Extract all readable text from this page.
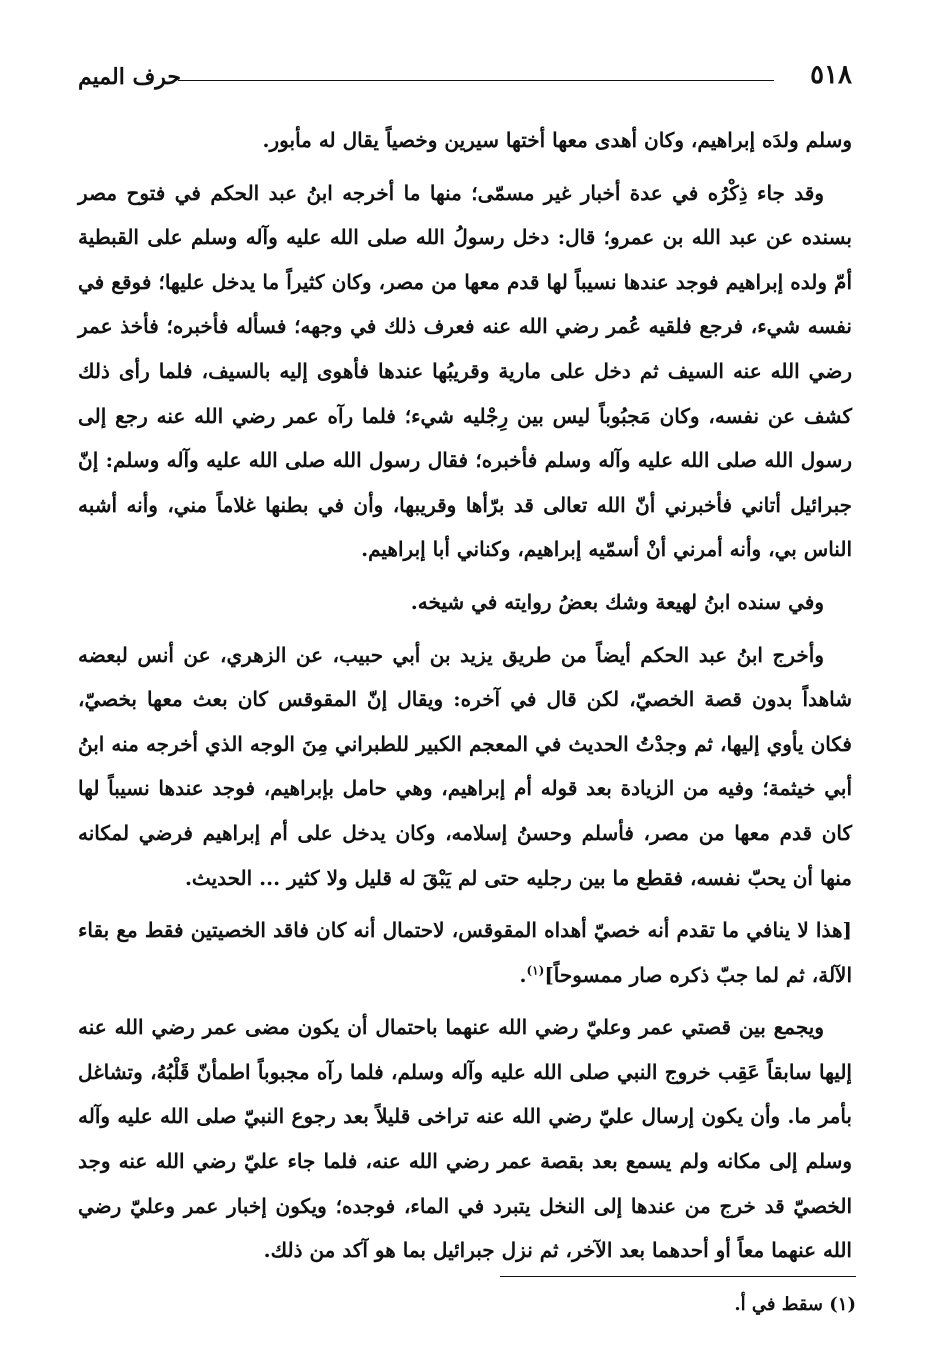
٥١٨
حرف الميم

وسلم ولدَه إبراهيم، وكان أهدى معها أختها سيرين وخصياً يقال له مأبور.

وقد جاء ذِكْرُه في عدة أخبار غير مسمّى؛ منها ما أخرجه ابنُ عبد الحكم في فتوح مصر بسنده عن عبد الله بن عمرو؛ قال: دخل رسولُ الله صلى الله عليه وآله وسلم على القبطية أمّ ولده إبراهيم فوجد عندها نسيباً لها قدم معها من مصر، وكان كثيراً ما يدخل عليها؛ فوقع في نفسه شيء، فرجع فلقيه عُمر رضي الله عنه فعرف ذلك في وجهه؛ فسأله فأخبره؛ فأخذ عمر رضي الله عنه السيف ثم دخل على مارية وقريبُها عندها فأهوى إليه بالسيف، فلما رأى ذلك كشف عن نفسه، وكان مَجبُوباً ليس بين رِجْليه شيء؛ فلما رآه عمر رضي الله عنه رجع إلى رسول الله صلى الله عليه وآله وسلم فأخبره؛ فقال رسول الله صلى الله عليه وآله وسلم: إنّ جبرائيل أتاني فأخبرني أنّ الله تعالى قد برّأها وقريبها، وأن في بطنها غلاماً مني، وأنه أشبه الناس بي، وأنه أمرني أنْ أسمّيه إبراهيم، وكناني أبا إبراهيم.

وفي سنده ابنُ لهيعة وشك بعضُ روايته في شيخه.

وأخرج ابنُ عبد الحكم أيضاً من طريق يزيد بن أبي حبيب، عن الزهري، عن أنس لبعضه شاهداً بدون قصة الخصيّ، لكن قال في آخره: ويقال إنّ المقوقس كان بعث معها بخصيّ، فكان يأوي إليها، ثم وجدْتُ الحديث في المعجم الكبير للطبراني مِنَ الوجه الذي أخرجه منه ابنُ أبي خيثمة؛ وفيه من الزيادة بعد قوله أم إبراهيم، وهي حامل بإبراهيم، فوجد عندها نسيباً لها كان قدم معها من مصر، فأسلم وحسنُ إسلامه، وكان يدخل على أم إبراهيم فرضي لمكانه منها أن يحبّ نفسه، فقطع ما بين رجليه حتى لم يَبْقَ له قليل ولا كثير ... الحديث.

[هذا لا ينافي ما تقدم أنه خصيّ أهداه المقوقس، لاحتمال أنه كان فاقد الخصيتين فقط مع بقاء الآلة، ثم لما جبّ ذكره صار ممسوحاً]$^{(١)}$.

ويجمع بين قصتي عمر وعليّ رضي الله عنهما باحتمال أن يكون مضى عمر رضي الله عنه إليها سابقاً عَقِب خروج النبي صلى الله عليه وآله وسلم، فلما رآه مجبوباً اطمأنّ قَلْبُهُ، وتشاغل بأمر ما. وأن يكون إرسال عليّ رضي الله عنه تراخى قليلاً بعد رجوع النبيّ صلى الله عليه وآله وسلم إلى مكانه ولم يسمع بعد بقصة عمر رضي الله عنه، فلما جاء عليّ رضي الله عنه وجد الخصيّ قد خرج من عندها إلى النخل يتبرد في الماء، فوجده؛ ويكون إخبار عمر وعليّ رضي الله عنهما معاً أو أحدهما بعد الآخر، ثم نزل جبرائيل بما هو آكد من ذلك.

(١) سقط في أ.
